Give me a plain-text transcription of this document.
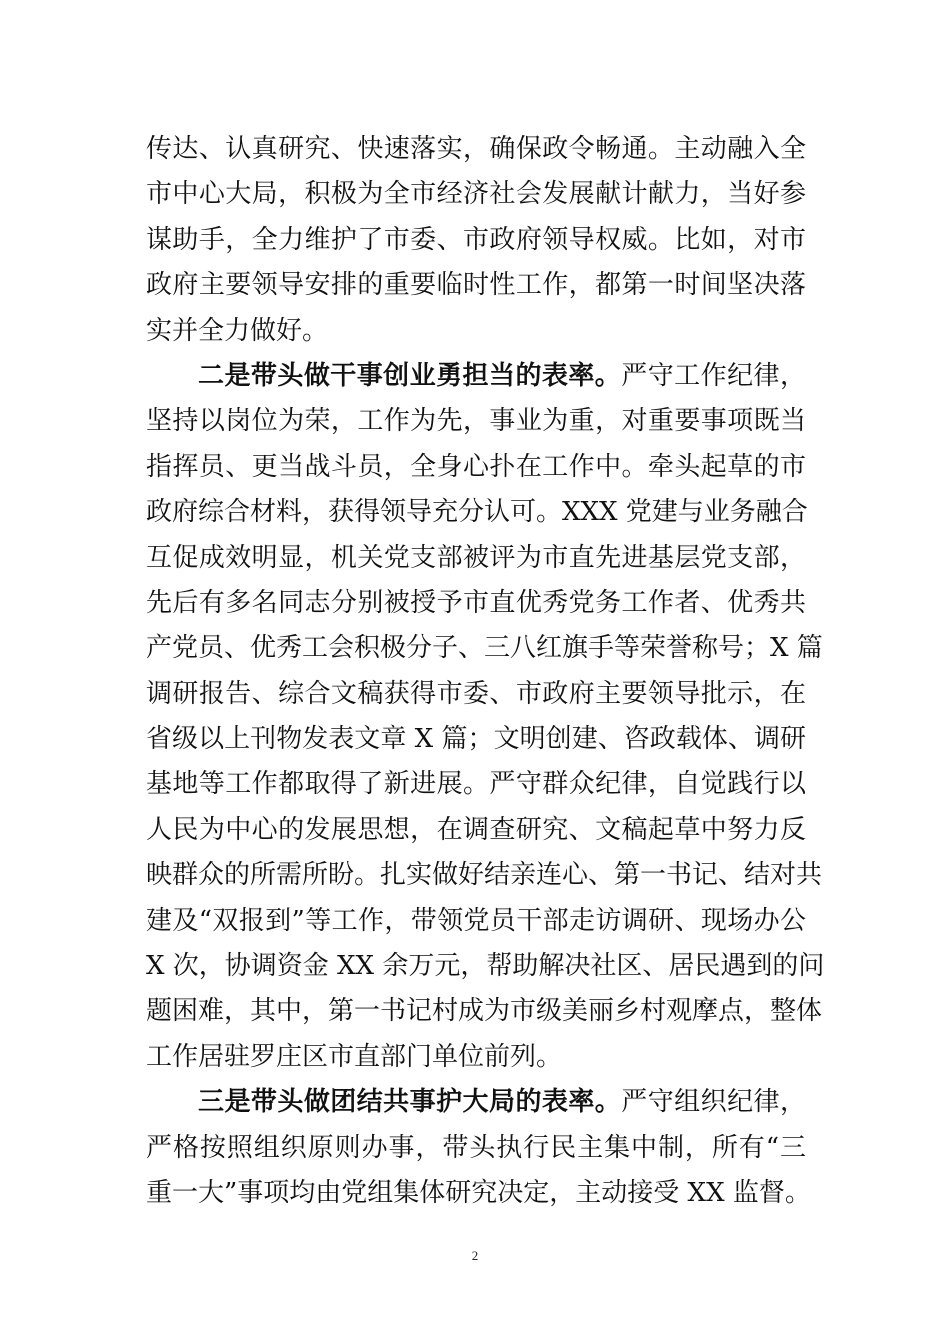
传达、认真研究、快速落实，确保政令畅通。主动融入全
市中心大局，积极为全市经济社会发展献计献力，当好参
谋助手，全力维护了市委、市政府领导权威。比如，对市
政府主要领导安排的重要临时性工作，都第一时间坚决落
实并全力做好。
二是带头做干事创业勇担当的表率。严守工作纪律，
坚持以岗位为荣，工作为先，事业为重，对重要事项既当
指挥员、更当战斗员，全身心扑在工作中。牵头起草的市
政府综合材料，获得领导充分认可。XXX 党建与业务融合
互促成效明显，机关党支部被评为市直先进基层党支部，
先后有多名同志分别被授予市直优秀党务工作者、优秀共
产党员、优秀工会积极分子、三八红旗手等荣誉称号；X 篇
调研报告、综合文稿获得市委、市政府主要领导批示，在
省级以上刊物发表文章 X 篇；文明创建、咨政载体、调研
基地等工作都取得了新进展。严守群众纪律，自觉践行以
人民为中心的发展思想，在调查研究、文稿起草中努力反
映群众的所需所盼。扎实做好结亲连心、第一书记、结对共
建及“双报到”等工作，带领党员干部走访调研、现场办公
X 次，协调资金 XX 余万元，帮助解决社区、居民遇到的问
题困难，其中，第一书记村成为市级美丽乡村观摩点，整体
工作居驻罗庄区市直部门单位前列。
三是带头做团结共事护大局的表率。严守组织纪律，
严格按照组织原则办事，带头执行民主集中制，所有“三
重一大”事项均由党组集体研究决定，主动接受 XX 监督。
2
